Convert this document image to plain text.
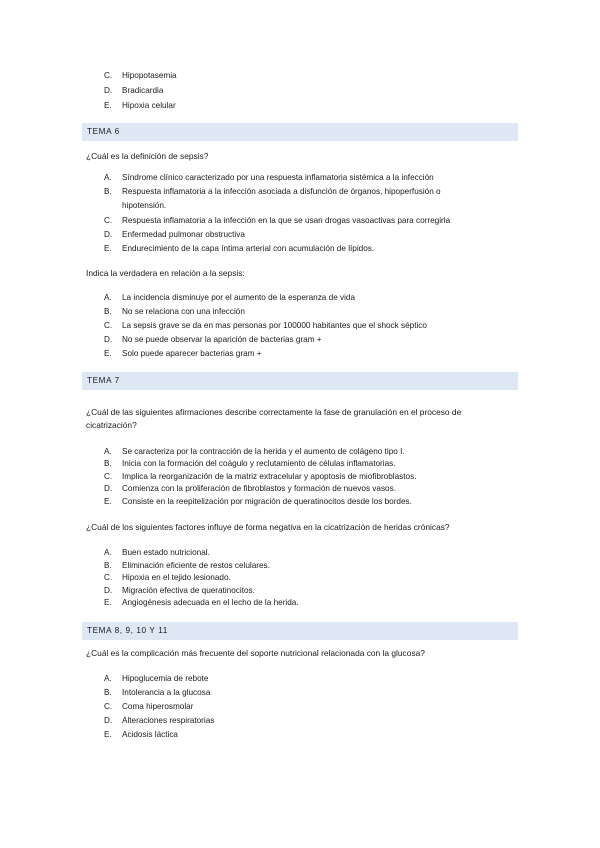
C.	Hipopotasemia
D.	Bradicardia
E.	Hipoxia celular
TEMA 6
¿Cuál es la definición de sepsis?
A.	Síndrome clínico caracterizado por una respuesta inflamatoria sistémica a la infección
B.	Respuesta inflamatoria a la infección asociada a disfunción de órganos, hipoperfusión o
hipotensión.
C.	Respuesta inflamatoria a la infección en la que se usan drogas vasoactivas para corregirla
D.	Enfermedad pulmonar obstructiva
E.	Endurecimiento de la capa íntima arterial con acumulación de lípidos.
Indica la verdadera en relación a la sepsis:
A.	La incidencia disminuye por el aumento de la esperanza de vida
B.	No se relaciona con una infección
C.	La sepsis grave se da en mas personas por 100000 habitantes que el shock séptico
D.	No se puede observar la aparición de bacterias gram +
E.	Solo puede aparecer bacterias gram +
TEMA 7
¿Cuál de las siguientes afirmaciones describe correctamente la fase de granulación en el proceso de
cicatrización?
A.	Se caracteriza por la contracción de la herida y el aumento de colágeno tipo I.
B.	Inicia con la formación del coágulo y reclutamiento de células inflamatorias.
C.	Implica la reorganización de la matriz extracelular y apoptosis de miofibroblastos.
D.	Comienza con la proliferación de fibroblastos y formación de nuevos vasos.
E.	Consiste en la reepitelización por migración de queratinocitos desde los bordes.
¿Cuál de los siguientes factores influye de forma negativa en la cicatrización de heridas crónicas?
A.	Buen estado nutricional.
B.	Eliminación eficiente de restos celulares.
C.	Hipoxia en el tejido lesionado.
D.	Migración efectiva de queratinocitos.
E.	Angiogénesis adecuada en el lecho de la herida.
TEMA 8, 9, 10 Y 11
¿Cuál es la complicación más frecuente del soporte nutricional relacionada con la glucosa?
A.	Hipoglucemia de rebote
B.	Intolerancia a la glucosa
C.	Coma hiperosmolar
D.	Alteraciones respiratorias
E.	Acidosis láctica
